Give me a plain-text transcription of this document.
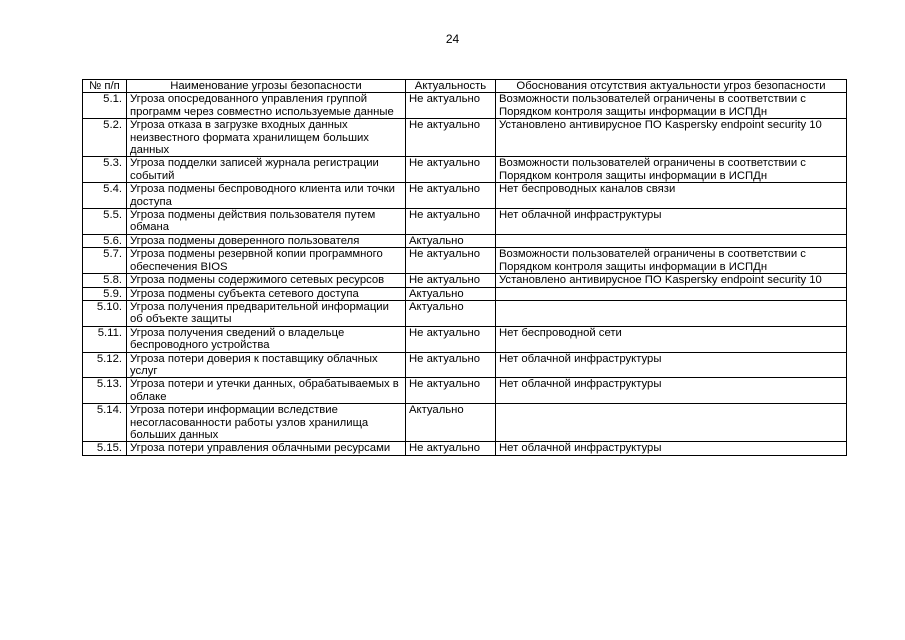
24
№ п/п	Наименование угрозы безопасности	Актуальность	Обоснования отсутствия актуальности угроз безопасности
5.1.	Угроза опосредованного управления группой программ через совместно используемые данные	Не актуально	Возможности пользователей ограничены в соответствии с Порядком контроля защиты информации в ИСПДн
5.2.	Угроза отказа в загрузке входных данных неизвестного формата хранилищем больших данных	Не актуально	Установлено антивирусное ПО Kaspersky endpoint security 10
5.3.	Угроза подделки записей журнала регистрации событий	Не актуально	Возможности пользователей ограничены в соответствии с Порядком контроля защиты информации в ИСПДн
5.4.	Угроза подмены беспроводного клиента или точки доступа	Не актуально	Нет беспроводных каналов связи
5.5.	Угроза подмены действия пользователя путем обмана	Не актуально	Нет облачной инфраструктуры
5.6.	Угроза подмены доверенного пользователя	Актуально	
5.7.	Угроза подмены резервной копии программного обеспечения BIOS	Не актуально	Возможности пользователей ограничены в соответствии с Порядком контроля защиты информации в ИСПДн
5.8.	Угроза подмены содержимого сетевых ресурсов	Не актуально	Установлено антивирусное ПО Kaspersky endpoint security 10
5.9.	Угроза подмены субъекта сетевого доступа	Актуально	
5.10.	Угроза получения предварительной информации об объекте защиты	Актуально	
5.11.	Угроза получения сведений о владельце беспроводного устройства	Не актуально	Нет беспроводной сети
5.12.	Угроза потери доверия к поставщику облачных услуг	Не актуально	Нет облачной инфраструктуры
5.13.	Угроза потери и утечки данных, обрабатываемых в облаке	Не актуально	Нет облачной инфраструктуры
5.14.	Угроза потери информации вследствие несогласованности работы узлов хранилища больших данных	Актуально	
5.15.	Угроза потери управления облачными ресурсами	Не актуально	Нет облачной инфраструктуры
